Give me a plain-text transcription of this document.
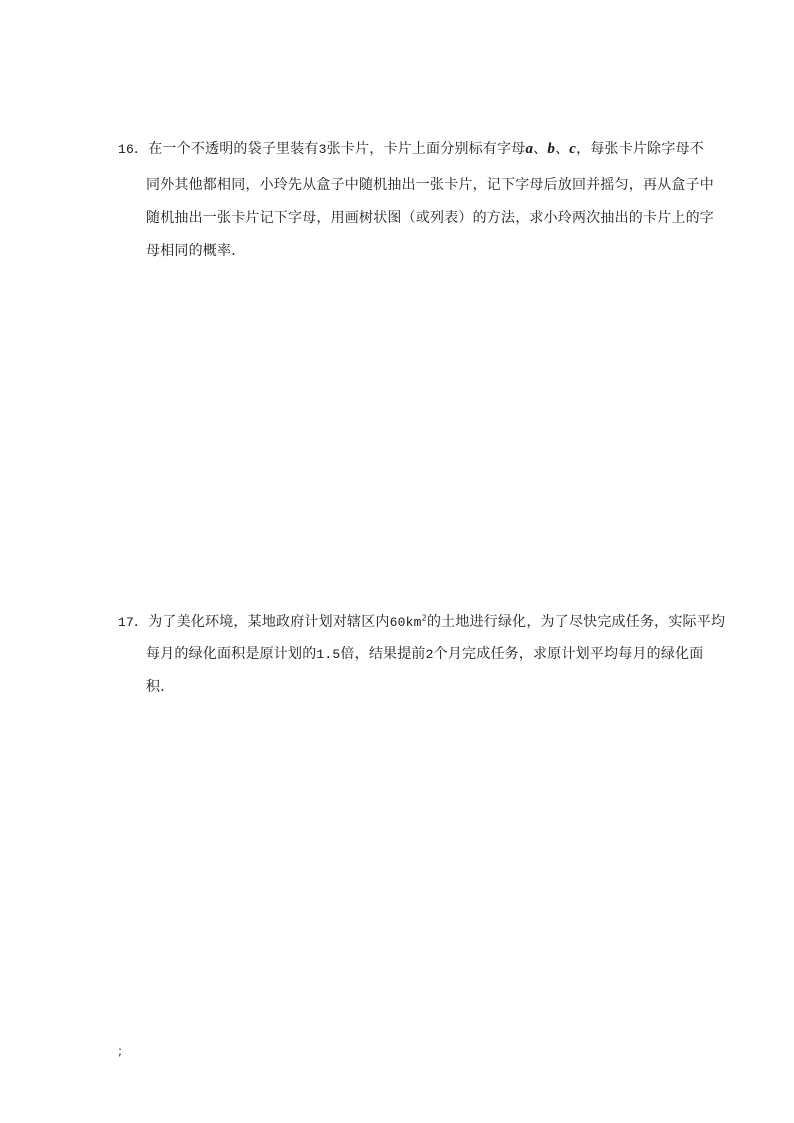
16．在一个不透明的袋子里装有3张卡片，卡片上面分别标有字母a、b、c，每张卡片除字母不
同外其他都相同，小玲先从盒子中随机抽出一张卡片，记下字母后放回并摇匀，再从盒子中
随机抽出一张卡片记下字母，用画树状图（或列表）的方法，求小玲两次抽出的卡片上的字
母相同的概率．
17．为了美化环境，某地政府计划对辖区内$60km^2$的土地进行绿化，为了尽快完成任务，实际平均
每月的绿化面积是原计划的1.5倍，结果提前2个月完成任务，求原计划平均每月的绿化面
积．
;
